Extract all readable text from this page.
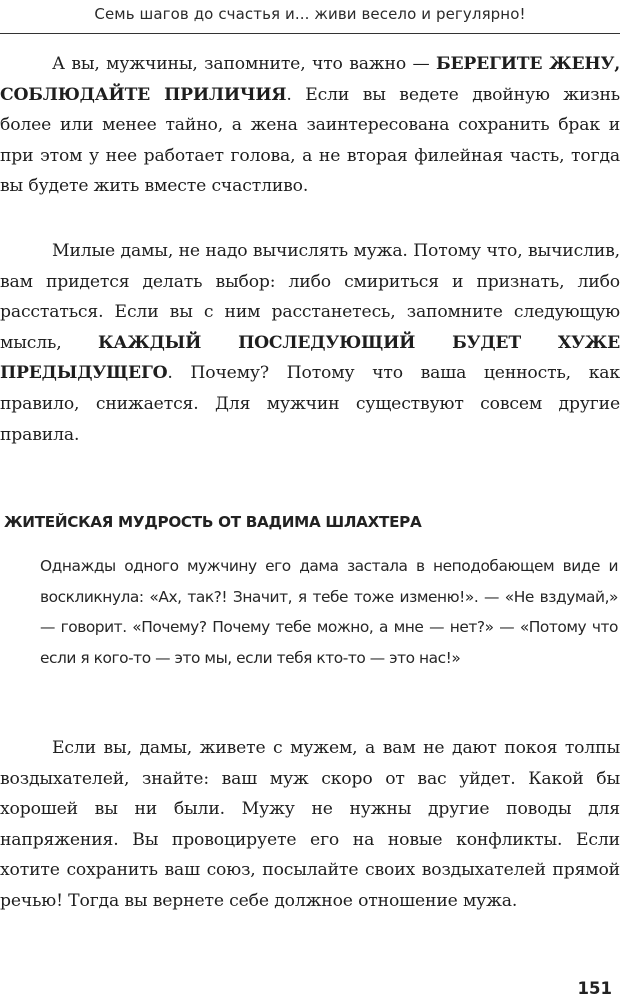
Семь шагов до счастья и... живи весело и регулярно!

А вы, мужчины, запомните, что важно — БЕРЕГИТЕ ЖЕНУ, СОБЛЮДАЙТЕ ПРИЛИЧИЯ. Если вы ведете двойную жизнь более или менее тайно, а жена заинтересована сохранить брак и при этом у нее работает голова, а не вторая филейная часть, тогда вы будете жить вместе счастливо.

Милые дамы, не надо вычислять мужа. Потому что, вычислив, вам придется делать выбор: либо смириться и признать, либо расстаться. Если вы с ним расстанетесь, запомните следующую мысль, КАЖДЫЙ ПОСЛЕДУЮЩИЙ БУДЕТ ХУЖЕ ПРЕДЫДУЩЕГО. Почему? Потому что ваша ценность, как правило, снижается. Для мужчин существуют совсем другие правила.

ЖИТЕЙСКАЯ МУДРОСТЬ ОТ ВАДИМА ШЛАХТЕРА

Однажды одного мужчину его дама застала в неподобающем виде и воскликнула: «Ах, так?! Значит, я тебе тоже изменю!». — «Не вздумай,» — говорит. «Почему? Почему тебе можно, а мне — нет?» — «Потому что если я кого-то — это мы, если тебя кто-то — это нас!»

Если вы, дамы, живете с мужем, а вам не дают покоя толпы воздыхателей, знайте: ваш муж скоро от вас уйдет. Какой бы хорошей вы ни были. Мужу не нужны другие поводы для напряжения. Вы провоцируете его на новые конфликты. Если хотите сохранить ваш союз, посылайте своих воздыхателей прямой речью! Тогда вы вернете себе должное отношение мужа.

151
